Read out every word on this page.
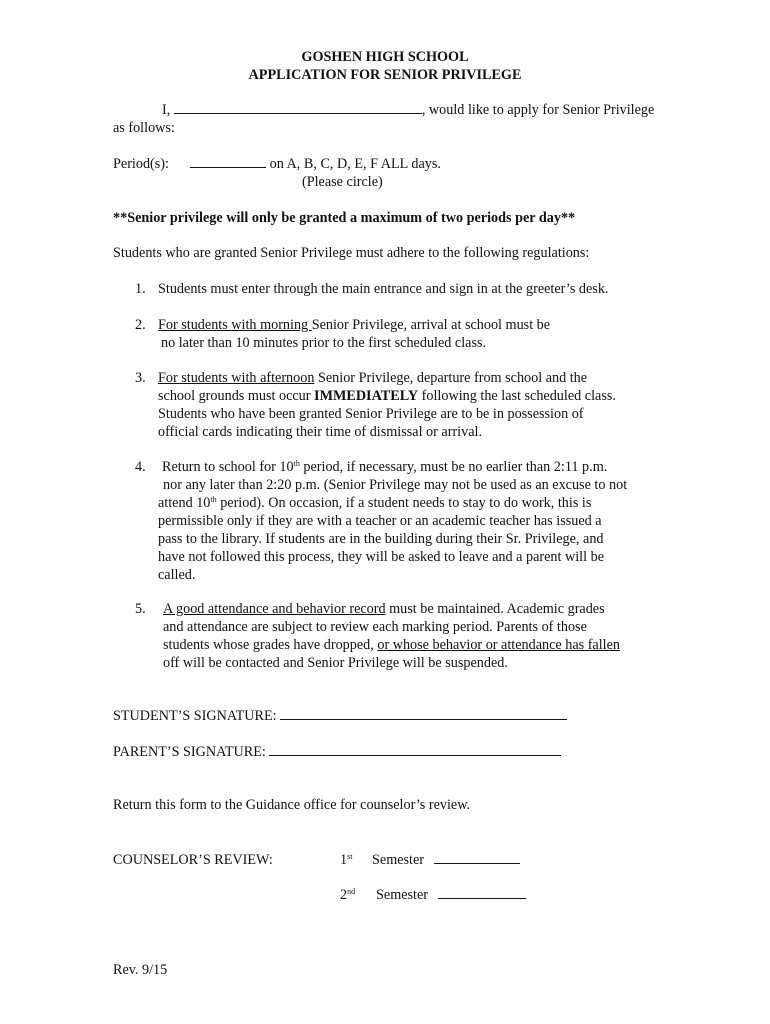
GOSHEN HIGH SCHOOL

APPLICATION FOR SENIOR PRIVILEGE

I,	, would like to apply for Senior Privilege

as follows:

Period(s):	on A, B, C, D, E, F ALL days.

(Please circle)

**Senior privilege will only be granted a maximum of two periods per day**

Students who are granted Senior Privilege must adhere to the following regulations:

1. Students must enter through the main entrance and sign in at the greeter’s desk.
2. For students with morning Senior Privilege, arrival at school must be
no later than 10 minutes prior to the first scheduled class.
3. For students with afternoon Senior Privilege, departure from school and the
school grounds must occur IMMEDIATELY following the last scheduled class.
Students who have been granted Senior Privilege are to be in possession of
official cards indicating their time of dismissal or arrival.
4.	Return to school for 10th period, if necessary, must be no earlier than 2:11 p.m.
nor any later than 2:20 p.m. (Senior Privilege may not be used as an excuse to not
attend 10th period). On occasion, if a student needs to stay to do work, this is
permissible only if they are with a teacher or an academic teacher has issued a
pass to the library. If students are in the building during their Sr. Privilege, and
have not followed this process, they will be asked to leave and a parent will be
called.
5.	A good attendance and behavior record must be maintained. Academic grades
and attendance are subject to review each marking period. Parents of those
students whose grades have dropped, or whose behavior or attendance has fallen
off will be contacted and Senior Privilege will be suspended.

STUDENT’S SIGNATURE:

PARENT’S SIGNATURE:

Return this form to the Guidance office for counselor’s review.

COUNSELOR’S REVIEW:	1st Semester

2nd Semester

Rev. 9/15
